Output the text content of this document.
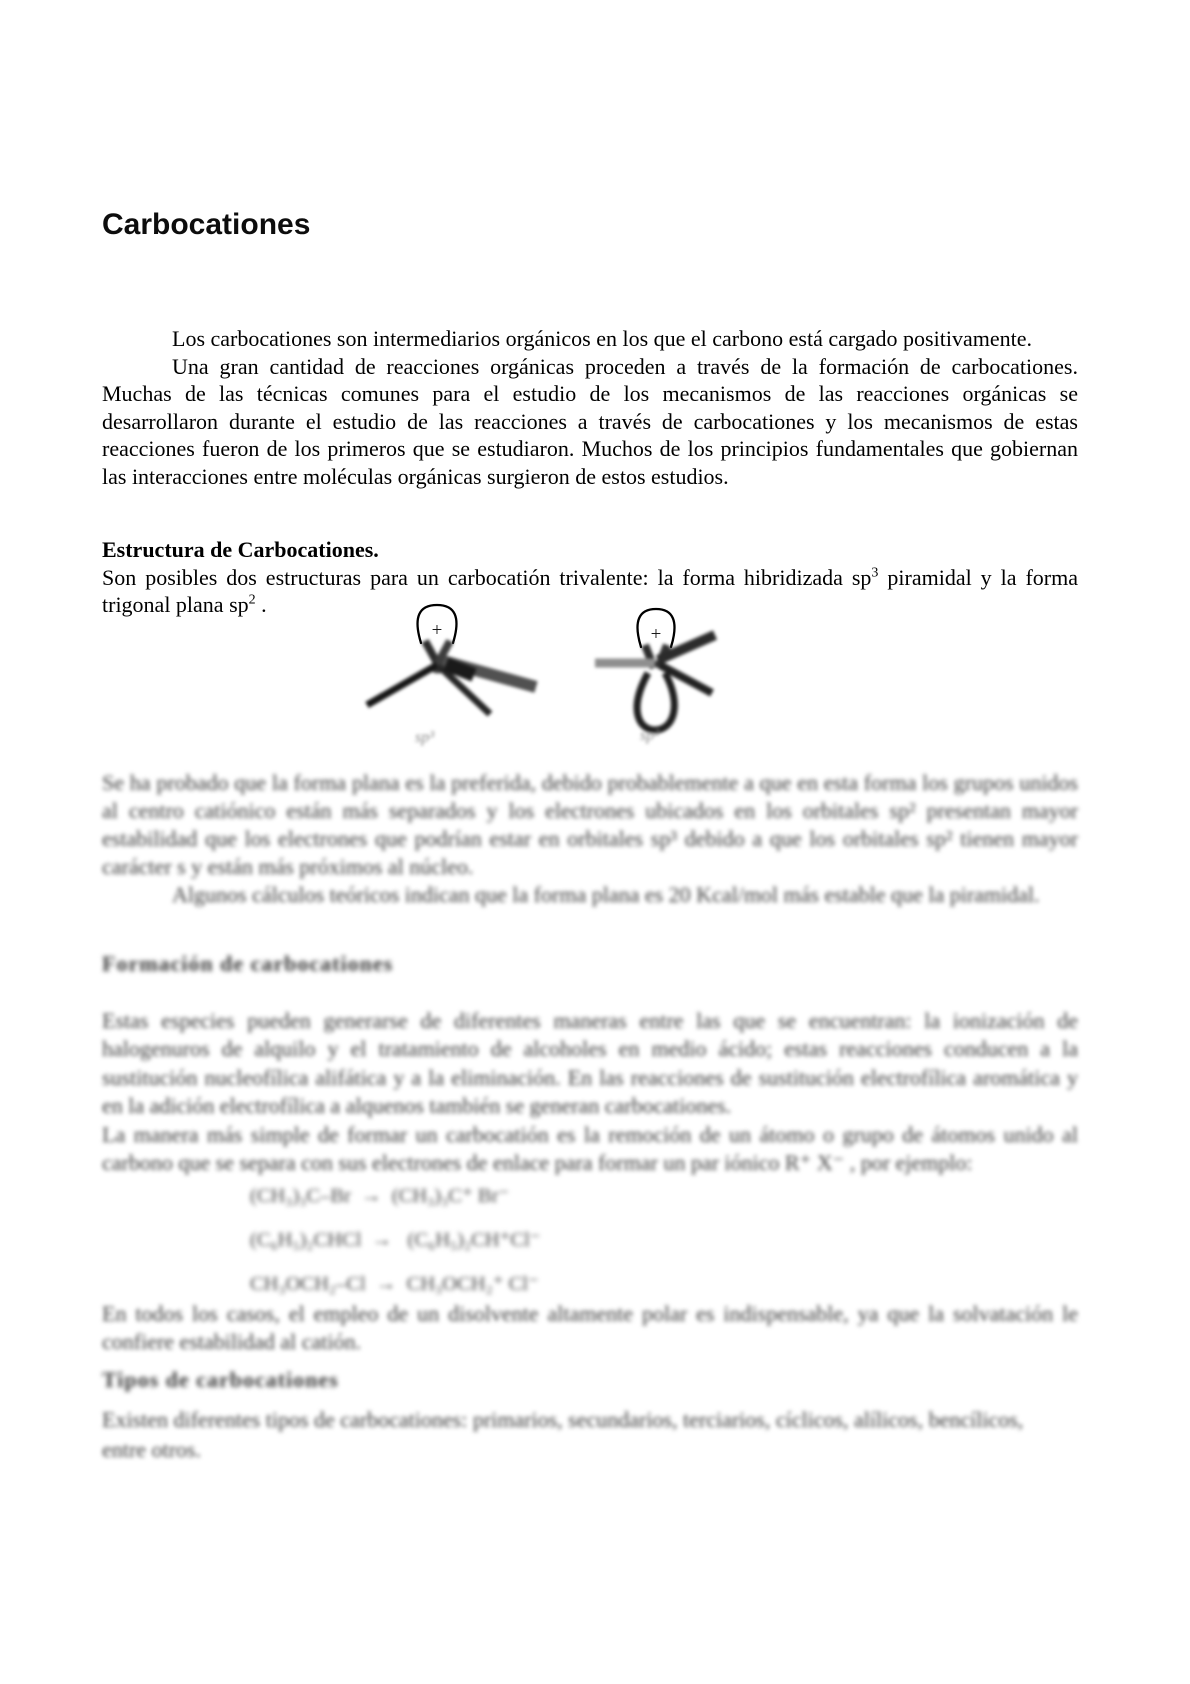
Carbocationes

Los carbocationes son intermediarios orgánicos en los que el carbono está cargado positivamente.

Una gran cantidad de reacciones orgánicas proceden a través de la formación de carbocationes. Muchas de las técnicas comunes para el estudio de los mecanismos de las reacciones orgánicas se desarrollaron durante el estudio de las reacciones a través de carbocationes y los mecanismos de estas reacciones fueron de los primeros que se estudiaron. Muchos de los principios fundamentales que gobiernan las interacciones entre moléculas orgánicas surgieron de estos estudios.

Estructura de Carbocationes.

Son posibles dos estructuras para un carbocatión trivalente: la forma hibridizada $sp^3$ piramidal y la forma trigonal plana $sp^2$ .

+	+
sp³	sp²

Se ha probado que la forma plana es la preferida, debido probablemente a que en esta forma los grupos unidos al centro catiónico están más separados y los electrones ubicados en los orbitales sp² presentan mayor estabilidad que los electrones que podrían estar en orbitales sp³ debido a que los orbitales sp² tienen mayor carácter s y están más próximos al núcleo.

Algunos cálculos teóricos indican que la forma plana es 20 Kcal/mol más estable que la piramidal.

Formación de carbocationes

Estas especies pueden generarse de diferentes maneras entre las que se encuentran: la ionización de halogenuros de alquilo y el tratamiento de alcoholes en medio ácido; estas reacciones conducen a la sustitución nucleofílica alifática y a la eliminación. En las reacciones de sustitución electrofílica aromática y en la adición electrofílica a alquenos también se generan carbocationes.

La manera más simple de formar un carbocatión es la remoción de un átomo o grupo de átomos unido al carbono que se separa con sus electrones de enlace para formar un par iónico R⁺ X⁻ , por ejemplo:

(CH₃)₃C–Br  →  (CH₃)₃C⁺ Br⁻

(C₆H₅)₂CHCl  →   (C₆H₅)₂CH⁺Cl⁻

CH₃OCH₂–Cl  →  CH₃OCH₂⁺ Cl⁻

En todos los casos, el empleo de un disolvente altamente polar es indispensable, ya que la solvatación le confiere estabilidad al catión.

Tipos de carbocationes

Existen diferentes tipos de carbocationes: primarios, secundarios, terciarios, cíclicos, alílicos, bencílicos, entre otros.
